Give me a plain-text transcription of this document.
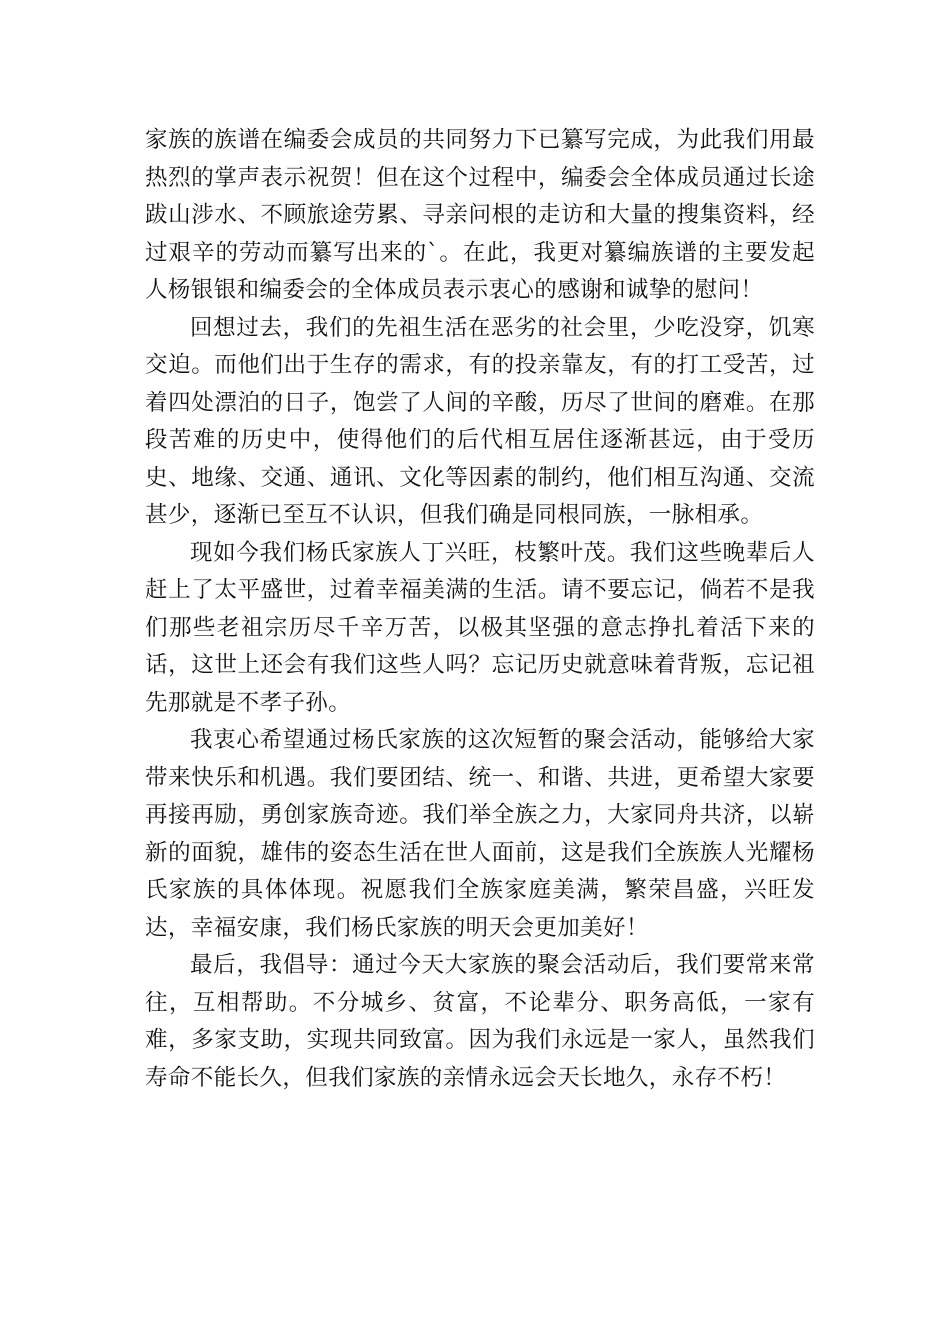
家族的族谱在编委会成员的共同努力下已纂写完成，为此我们用最热烈的掌声表示祝贺！但在这个过程中，编委会全体成员通过长途跋山涉水、不顾旅途劳累、寻亲问根的走访和大量的搜集资料，经过艰辛的劳动而纂写出来的`。在此，我更对纂编族谱的主要发起人杨银银和编委会的全体成员表示衷心的感谢和诚挚的慰问！

回想过去，我们的先祖生活在恶劣的社会里，少吃没穿，饥寒交迫。而他们出于生存的需求，有的投亲靠友，有的打工受苦，过着四处漂泊的日子，饱尝了人间的辛酸，历尽了世间的磨难。在那段苦难的历史中，使得他们的后代相互居住逐渐甚远，由于受历史、地缘、交通、通讯、文化等因素的制约，他们相互沟通、交流甚少，逐渐已至互不认识，但我们确是同根同族，一脉相承。

现如今我们杨氏家族人丁兴旺，枝繁叶茂。我们这些晚辈后人赶上了太平盛世，过着幸福美满的生活。请不要忘记，倘若不是我们那些老祖宗历尽千辛万苦，以极其坚强的意志挣扎着活下来的话，这世上还会有我们这些人吗？忘记历史就意味着背叛，忘记祖先那就是不孝子孙。

我衷心希望通过杨氏家族的这次短暂的聚会活动，能够给大家带来快乐和机遇。我们要团结、统一、和谐、共进，更希望大家要再接再励，勇创家族奇迹。我们举全族之力，大家同舟共济，以崭新的面貌，雄伟的姿态生活在世人面前，这是我们全族族人光耀杨氏家族的具体体现。祝愿我们全族家庭美满，繁荣昌盛，兴旺发达，幸福安康，我们杨氏家族的明天会更加美好！

最后，我倡导：通过今天大家族的聚会活动后，我们要常来常往，互相帮助。不分城乡、贫富，不论辈分、职务高低，一家有难，多家支助，实现共同致富。因为我们永远是一家人，虽然我们寿命不能长久，但我们家族的亲情永远会天长地久，永存不朽！
